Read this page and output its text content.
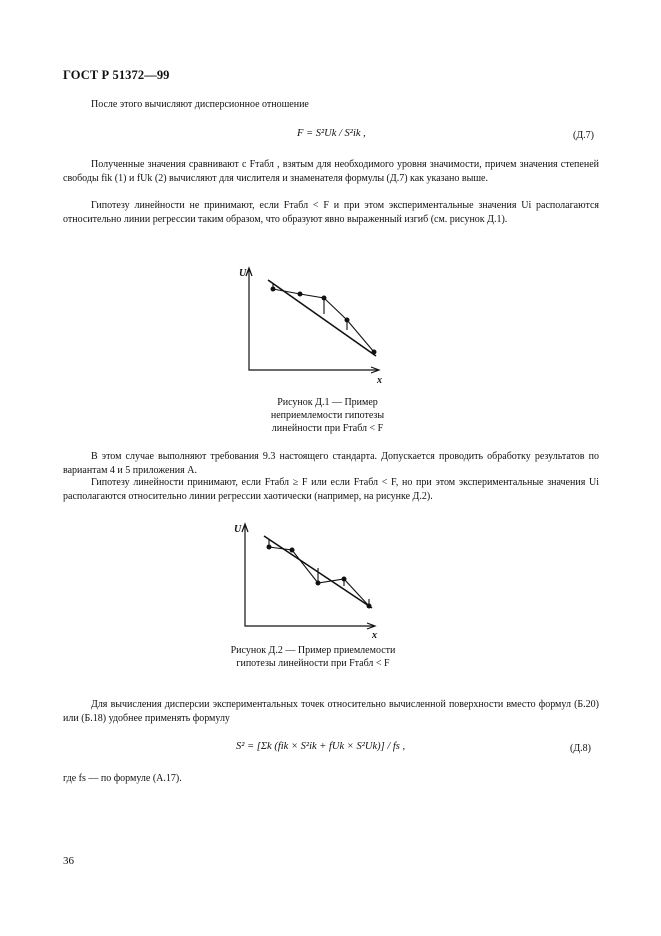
ГОСТ Р 51372—99
После этого вычисляют дисперсионное отношение
F = S²Uk / S²ik ,	(Д.7)
Полученные значения сравнивают с Fтабл , взятым для необходимого уровня значимости, причем значения степеней свободы fik (1) и fUk (2) вычисляют для числителя и знаменателя формулы (Д.7) как указано выше.
Гипотезу линейности не принимают, если Fтабл < F и при этом экспериментальные значения Ui располагаются относительно линии регрессии таким образом, что образуют явно выраженный изгиб (см. рисунок Д.1).
U
x
Рисунок Д.1 — Пример неприемлемости гипотезы линейности при Fтабл < F
В этом случае выполняют требования 9.3 настоящего стандарта. Допускается проводить обработку результатов по вариантам 4 и 5 приложения А.
Гипотезу линейности принимают, если Fтабл ≥ F или если Fтабл < F, но при этом экспериментальные значения Ui располагаются относительно линии регрессии хаотически (например, на рисунке Д.2).
U
x
Рисунок Д.2 — Пример приемлемости гипотезы линейности при Fтабл < F
Для вычисления дисперсии экспериментальных точек относительно вычисленной поверхности вместо формул (Б.20) или (Б.18) удобнее применять формулу
S² = [Σk (fik × S²ik + fUk × S²Uk)] / fs ,	(Д.8)
где fs — по формуле (А.17).
36
